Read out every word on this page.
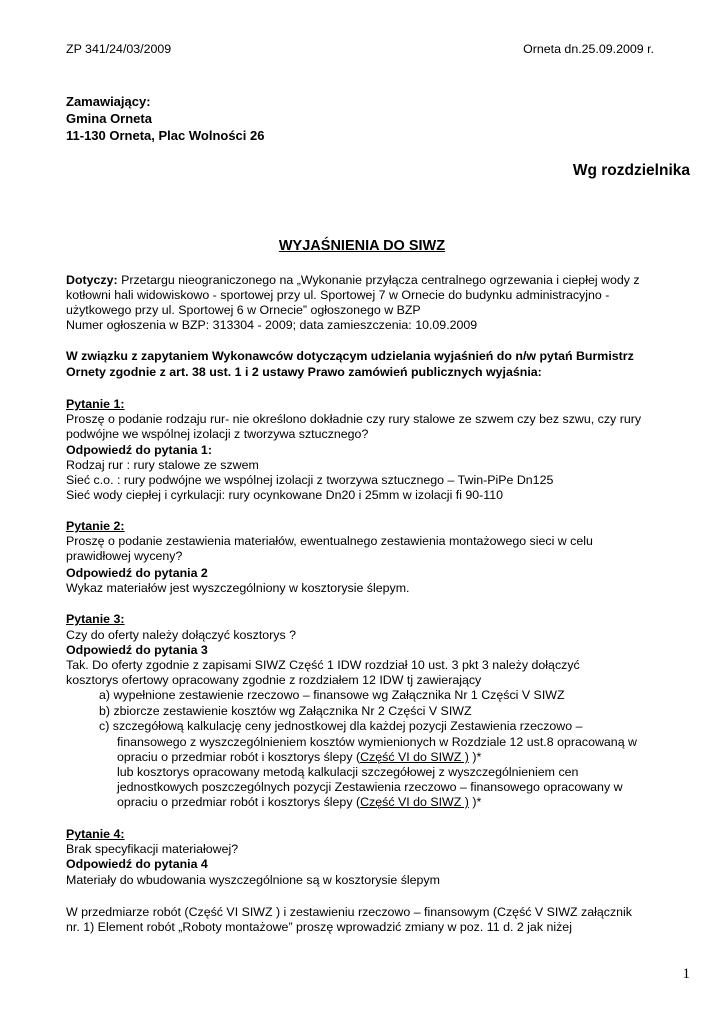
ZP 341/24/03/2009	Orneta dn.25.09.2009 r.
Zamawiający:
Gmina Orneta
11-130 Orneta, Plac Wolności 26
Wg rozdzielnika
WYJAŚNIENIA DO SIWZ
Dotyczy: Przetargu nieograniczonego na „Wykonanie przyłącza centralnego ogrzewania i ciepłej wody z
kotłowni hali widowiskowo - sportowej przy ul. Sportowej 7 w Ornecie do budynku administracyjno -
użytkowego przy ul. Sportowej 6 w Ornecie” ogłoszonego w BZP
Numer ogłoszenia w BZP: 313304 - 2009; data zamieszczenia: 10.09.2009
W związku z zapytaniem Wykonawców dotyczącym udzielania wyjaśnień do n/w pytań Burmistrz
Ornety zgodnie z art. 38 ust. 1 i 2 ustawy Prawo zamówień publicznych wyjaśnia:
Pytanie 1:
Proszę o podanie rodzaju rur- nie określono dokładnie czy rury stalowe ze szwem czy bez szwu, czy rury
podwójne we wspólnej izolacji z tworzywa sztucznego?
Odpowiedź do pytania 1:
Rodzaj rur : rury stalowe ze szwem
Sieć c.o. : rury podwójne we wspólnej izolacji z tworzywa sztucznego – Twin-PiPe Dn125
Sieć wody ciepłej i cyrkulacji: rury ocynkowane Dn20 i 25mm w izolacji fi 90-110
Pytanie 2:
Proszę o podanie zestawienia materiałów, ewentualnego zestawienia montażowego sieci w celu
prawidłowej wyceny?
Odpowiedź do pytania 2
Wykaz materiałów jest wyszczególniony w kosztorysie ślepym.
Pytanie 3:
Czy do oferty należy dołączyć kosztorys ?
Odpowiedź do pytania 3
Tak. Do oferty zgodnie z zapisami SIWZ Część 1 IDW rozdział 10 ust. 3 pkt 3 należy dołączyć
kosztorys ofertowy opracowany zgodnie z rozdziałem 12 IDW tj zawierający
a) wypełnione zestawienie rzeczowo – finansowe wg Załącznika Nr 1 Części V SIWZ
b) zbiorcze zestawienie kosztów wg Załącznika Nr 2 Części V SIWZ
c) szczegółową kalkulację ceny jednostkowej dla każdej pozycji Zestawienia rzeczowo –
finansowego z wyszczególnieniem kosztów wymienionych w Rozdziale 12 ust.8 opracowaną w
opraciu o przedmiar robót i kosztorys ślepy (Część VI do SIWZ ) )*
lub kosztorys opracowany metodą kalkulacji szczegółowej z wyszczególnieniem cen
jednostkowych poszczególnych pozycji Zestawienia rzeczowo – finansowego opracowany w
opraciu o przedmiar robót i kosztorys ślepy (Część VI do SIWZ ) )*
Pytanie 4:
Brak specyfikacji materiałowej?
Odpowiedź do pytania 4
Materiały do wbudowania wyszczególnione są w kosztorysie ślepym
W przedmiarze robót (Część VI SIWZ ) i zestawieniu rzeczowo – finansowym (Część V SIWZ załącznik
nr. 1) Element robót „Roboty montażowe” proszę wprowadzić zmiany w poz. 11 d. 2 jak niżej
1
